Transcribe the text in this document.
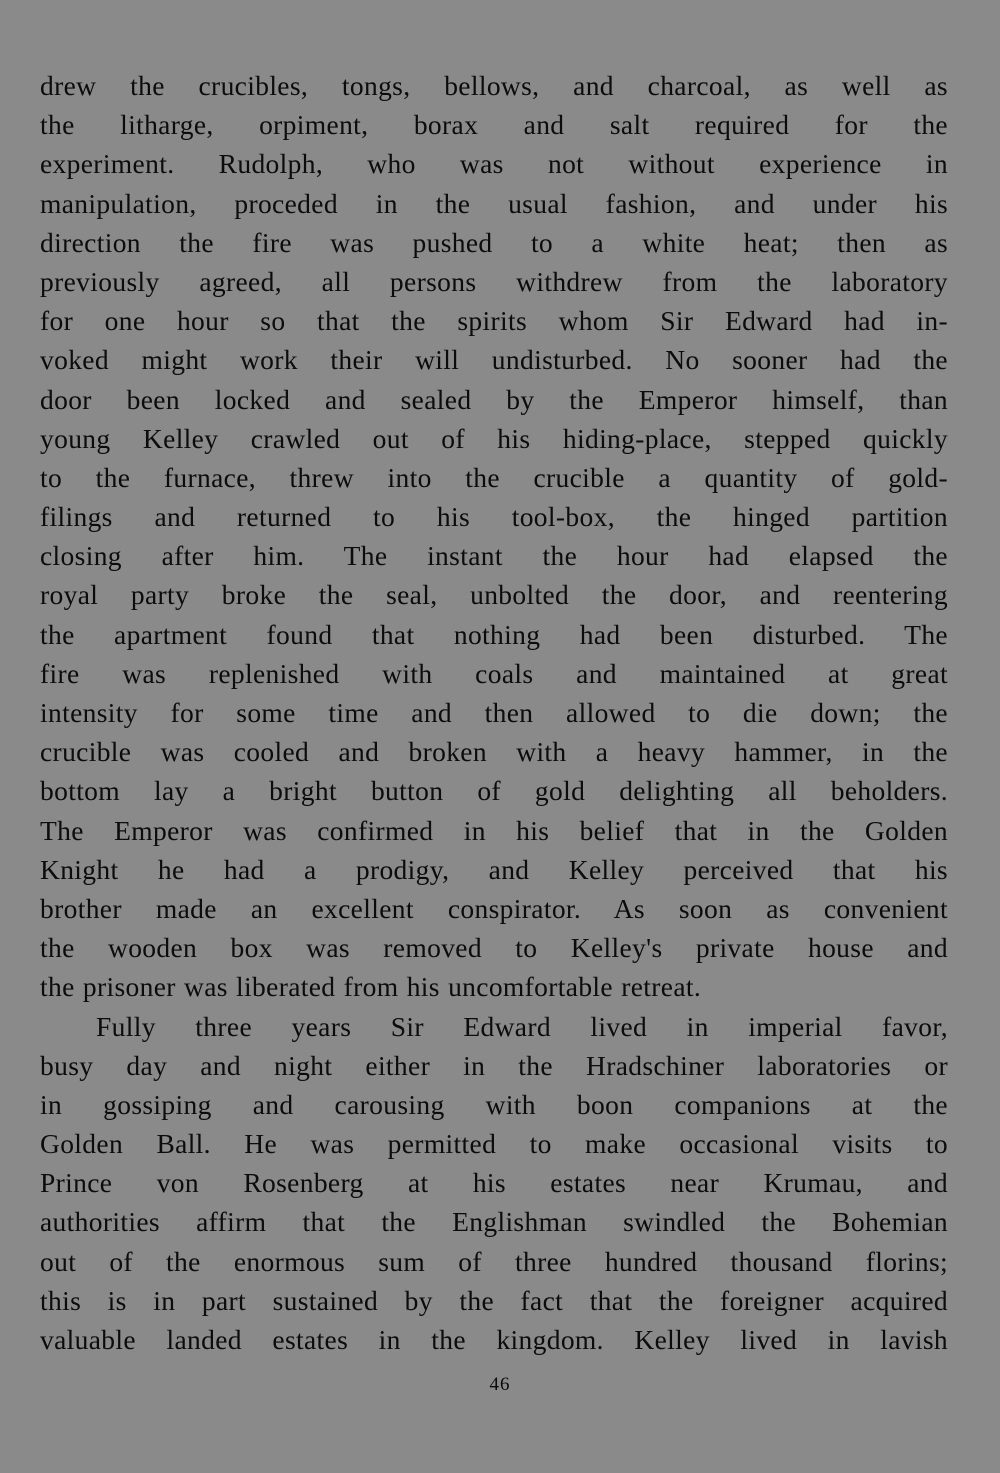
drew the crucibles, tongs, bellows, and charcoal, as well as
the litharge, orpiment, borax and salt required for the
experiment. Rudolph, who was not without experience in
manipulation, proceded in the usual fashion, and under his
direction the fire was pushed to a white heat; then as
previously agreed, all persons withdrew from the laboratory
for one hour so that the spirits whom Sir Edward had in-
voked might work their will undisturbed. No sooner had the
door been locked and sealed by the Emperor himself, than
young Kelley crawled out of his hiding-place, stepped quickly
to the furnace, threw into the crucible a quantity of gold-
filings and returned to his tool-box, the hinged partition
closing after him. The instant the hour had elapsed the
royal party broke the seal, unbolted the door, and reentering
the apartment found that nothing had been disturbed. The
fire was replenished with coals and maintained at great
intensity for some time and then allowed to die down; the
crucible was cooled and broken with a heavy hammer, in the
bottom lay a bright button of gold delighting all beholders.
The Emperor was confirmed in his belief that in the Golden
Knight he had a prodigy, and Kelley perceived that his
brother made an excellent conspirator. As soon as convenient
the wooden box was removed to Kelley's private house and
the prisoner was liberated from his uncomfortable retreat.
Fully three years Sir Edward lived in imperial favor,
busy day and night either in the Hradschiner laboratories or
in gossiping and carousing with boon companions at the
Golden Ball. He was permitted to make occasional visits to
Prince von Rosenberg at his estates near Krumau, and
authorities affirm that the Englishman swindled the Bohemian
out of the enormous sum of three hundred thousand florins;
this is in part sustained by the fact that the foreigner acquired
valuable landed estates in the kingdom. Kelley lived in lavish
46
